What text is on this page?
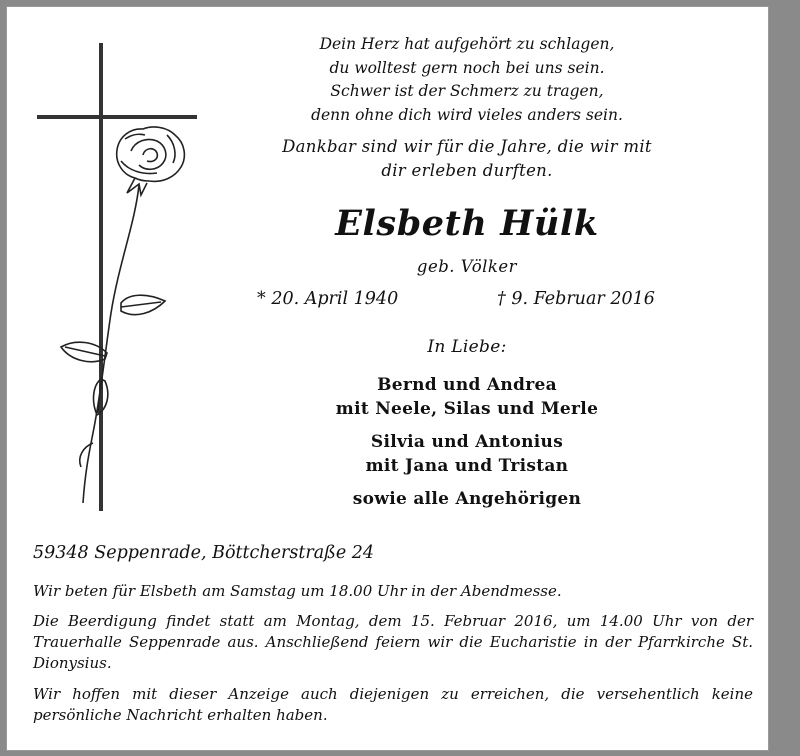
Dein Herz hat aufgehört zu schlagen,
du wolltest gern noch bei uns sein.
Schwer ist der Schmerz zu tragen,
denn ohne dich wird vieles anders sein.
Dankbar sind wir für die Jahre, die wir mit
dir erleben durften.
Elsbeth Hülk
geb. Völker
* 20. April 1940	† 9. Februar 2016
In Liebe:
Bernd und Andrea
mit Neele, Silas und Merle
Silvia und Antonius
mit Jana und Tristan
sowie alle Angehörigen
59348 Seppenrade, Böttcherstraße 24

Wir beten für Elsbeth am Samstag um 18.00 Uhr in der Abendmesse.

Die Beerdigung findet statt am Montag, dem 15. Februar 2016, um 14.00 Uhr von der Trauerhalle Seppenrade aus. Anschließend feiern wir die Eucharistie in der Pfarrkirche St. Dionysius.

Wir hoffen mit dieser Anzeige auch diejenigen zu erreichen, die versehentlich keine persönliche Nachricht erhalten haben.
